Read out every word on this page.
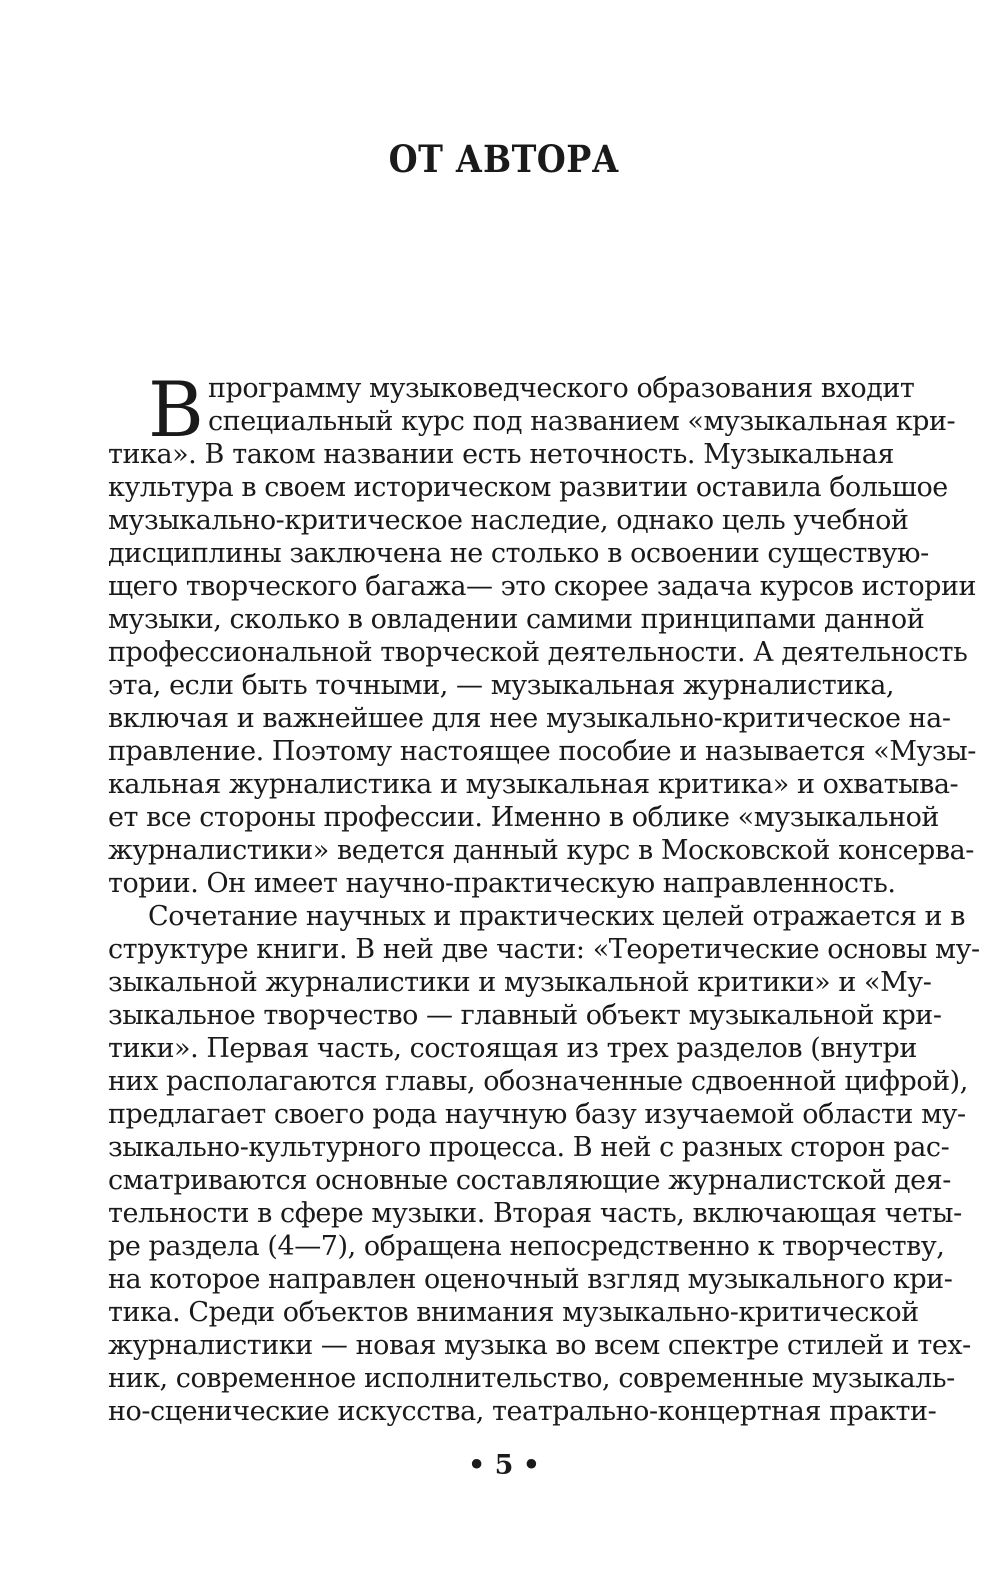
ОТ АВТОРА
В программу музыковедческого образования входит
специальный курс под названием «музыкальная кри-
тика». В таком названии есть неточность. Музыкальная
культура в своем историческом развитии оставила большое
музыкально-критическое наследие, однако цель учебной
дисциплины заключена не столько в освоении существую-
щего творческого багажа— это скорее задача курсов истории
музыки, сколько в овладении самими принципами данной
профессиональной творческой деятельности. А деятельность
эта, если быть точными, — музыкальная журналистика,
включая и важнейшее для нее музыкально-критическое на-
правление. Поэтому настоящее пособие и называется «Музы-
кальная журналистика и музыкальная критика» и охватыва-
ет все стороны профессии. Именно в облике «музыкальной
журналистики» ведется данный курс в Московской консерва-
тории. Он имеет научно-практическую направленность.
Сочетание научных и практических целей отражается и в
структуре книги. В ней две части: «Теоретические основы му-
зыкальной журналистики и музыкальной критики» и «Му-
зыкальное творчество — главный объект музыкальной кри-
тики». Первая часть, состоящая из трех разделов (внутри
них располагаются главы, обозначенные сдвоенной цифрой),
предлагает своего рода научную базу изучаемой области му-
зыкально-культурного процесса. В ней с разных сторон рас-
сматриваются основные составляющие журналистской дея-
тельности в сфере музыки. Вторая часть, включающая четы-
ре раздела (4—7), обращена непосредственно к творчеству,
на которое направлен оценочный взгляд музыкального кри-
тика. Среди объектов внимания музыкально-критической
журналистики — новая музыка во всем спектре стилей и тех-
ник, современное исполнительство, современные музыкаль-
но-сценические искусства, театрально-концертная практи-
• 5 •
